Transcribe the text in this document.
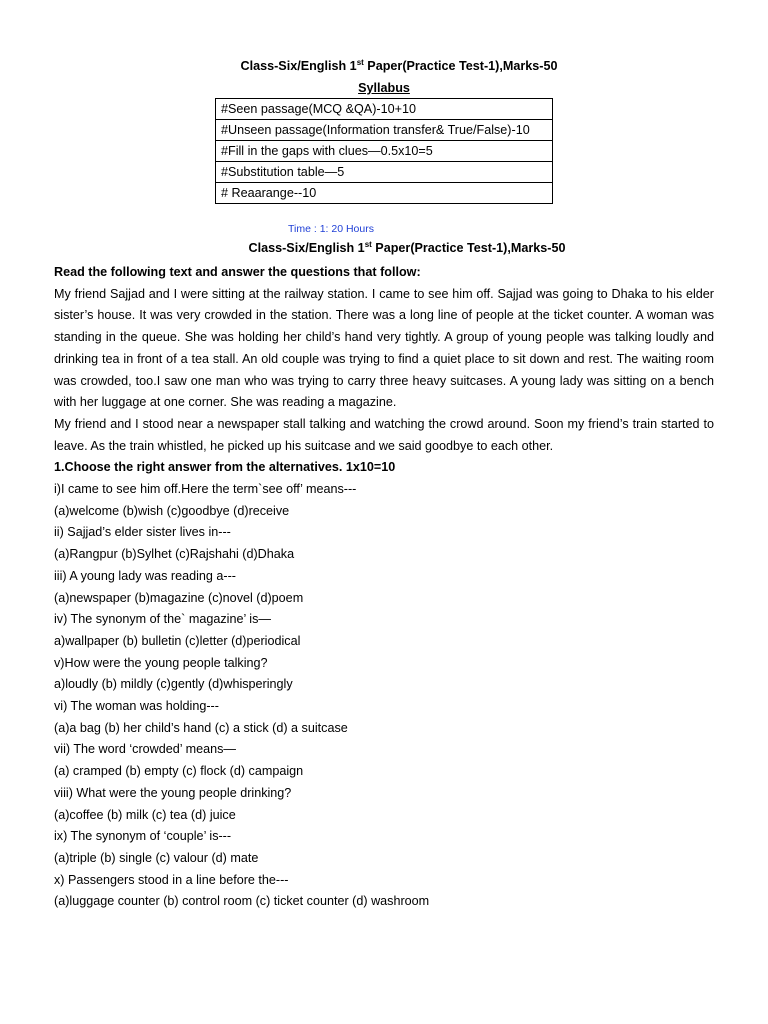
Class-Six/English 1st Paper(Practice Test-1),Marks-50
Syllabus
#Seen passage(MCQ &QA)-10+10
#Unseen passage(Information transfer& True/False)-10
#Fill in the gaps with clues—0.5x10=5
#Substitution table—5
# Reaarange--10
Time : 1: 20 Hours
Class-Six/English 1st Paper(Practice Test-1),Marks-50

Read the following text and answer the questions that follow:

My friend Sajjad and I were sitting at the railway station. I came to see him off. Sajjad was going to Dhaka to his elder sister’s house. It was very crowded in the station. There was a long line of people at the ticket counter. A woman was standing in the queue. She was holding her child’s hand very tightly. A group of young people was talking loudly and drinking tea in front of a tea stall. An old couple was trying to find a quiet place to sit down and rest. The waiting room was crowded, too.I saw one man who was trying to carry three heavy suitcases. A young lady was sitting on a bench with her luggage at one corner. She was reading a magazine.

My friend and I stood near a newspaper stall talking and watching the crowd around. Soon my friend’s train started to leave. As the train whistled, he picked up his suitcase and we said goodbye to each other.

1.Choose the right answer from the alternatives. 1x10=10

i)I came to see him off.Here the term`see off’ means---

(a)welcome (b)wish (c)goodbye (d)receive

ii) Sajjad’s elder sister lives in---

(a)Rangpur (b)Sylhet (c)Rajshahi (d)Dhaka

iii) A young lady was reading a---

(a)newspaper (b)magazine (c)novel (d)poem

iv) The synonym of the` magazine’ is—

a)wallpaper (b) bulletin (c)letter (d)periodical

v)How were the young people talking?

a)loudly (b) mildly (c)gently (d)whisperingly

vi) The woman was holding---

(a)a bag (b) her child’s hand (c) a stick (d) a suitcase

vii) The word ‘crowded’ means—

(a) cramped (b) empty (c) flock (d) campaign

viii) What were the young people drinking?

(a)coffee (b) milk (c) tea (d) juice

ix) The synonym of ‘couple’ is---

(a)triple (b) single (c) valour (d) mate

x) Passengers stood in a line before the---

(a)luggage counter (b) control room (c) ticket counter (d) washroom
